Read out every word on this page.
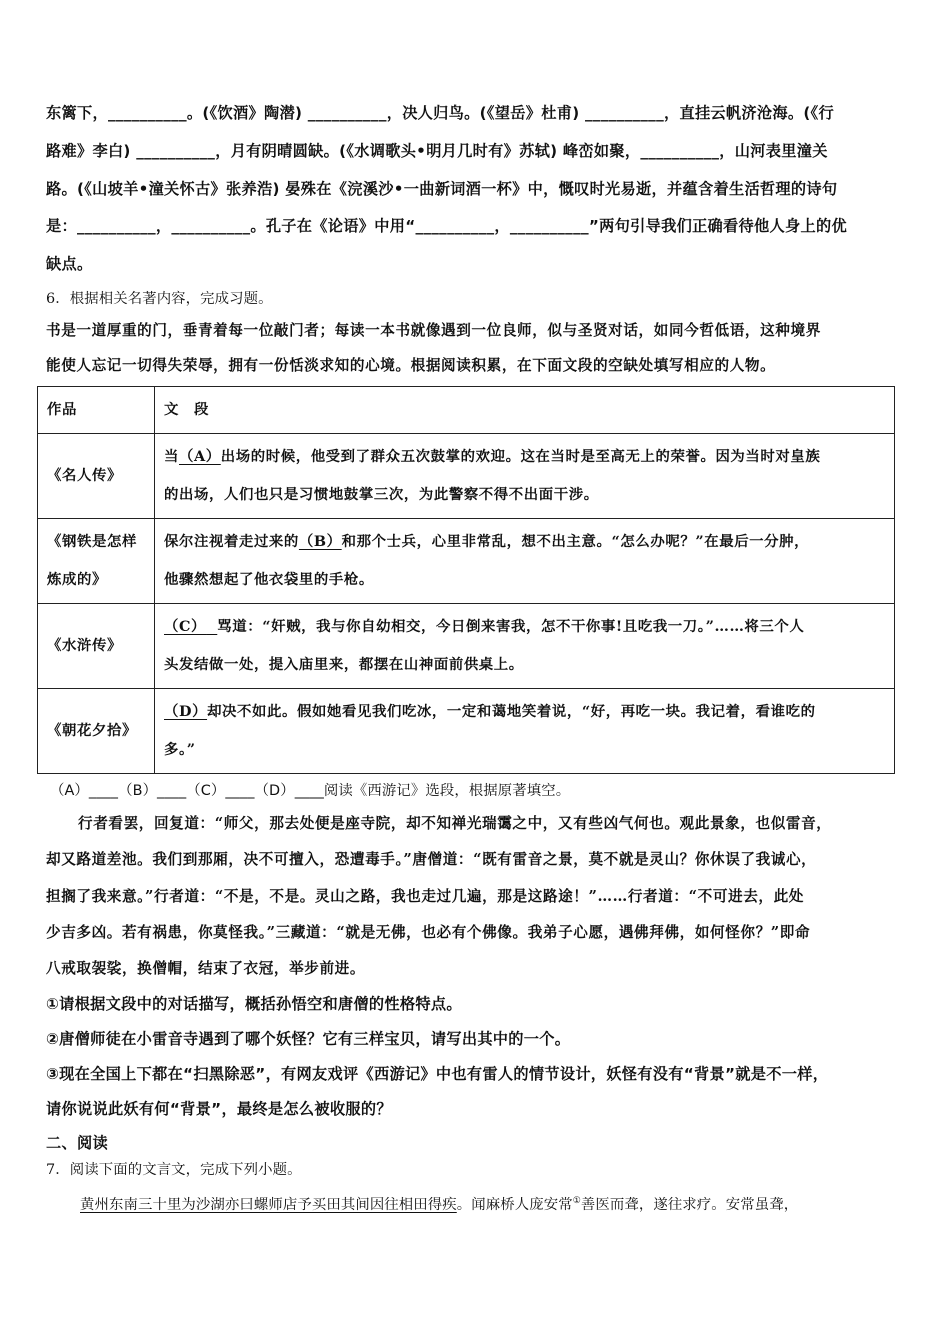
东篱下，__________。(《饮酒》陶潜) __________，决人归鸟。(《望岳》杜甫) __________，直挂云帆济沧海。(《行
路难》李白) __________，月有阴晴圆缺。(《水调歌头•明月几时有》苏轼) 峰峦如聚，__________，山河表里潼关
路。(《山坡羊•潼关怀古》张养浩) 晏殊在《浣溪沙•一曲新词酒一杯》中，慨叹时光易逝，并蕴含着生活哲理的诗句
是：__________，__________。孔子在《论语》中用“__________，__________”两句引导我们正确看待他人身上的优
缺点。
6．根据相关名著内容，完成习题。
书是一道厚重的门，垂青着每一位敲门者；每读一本书就像遇到一位良师，似与圣贤对话，如同今哲低语，这种境界
能使人忘记一切得失荣辱，拥有一份恬淡求知的心境。根据阅读积累，在下面文段的空缺处填写相应的人物。
作品	文　段
《名人传》	当（A）出场的时候，他受到了群众五次鼓掌的欢迎。这在当时是至高无上的荣誉。因为当时对皇族
的出场，人们也只是习惯地鼓掌三次，为此警察不得不出面干涉。
《钢铁是怎样
炼成的》	保尔注视着走过来的（B）和那个士兵，心里非常乱，想不出主意。“怎么办呢？”在最后一分肿，
他骤然想起了他衣袋里的手枪。
《水浒传》	（C） 骂道：“奸贼，我与你自幼相交，今日倒来害我，怎不干你事!且吃我一刀。”……将三个人
头发结做一处，提入庙里来，都摆在山神面前供桌上。
《朝花夕拾》	（D）却决不如此。假如她看见我们吃冰，一定和蔼地笑着说，“好，再吃一块。我记着，看谁吃的
多。”
（A）____（B）____（C）____（D）____阅读《西游记》选段，根据原著填空。
行者看罢，回复道：“师父，那去处便是座寺院，却不知禅光瑞霭之中，又有些凶气何也。观此景象，也似雷音，
却又路道差池。我们到那厢，决不可擅入，恐遭毒手。”唐僧道：“既有雷音之景，莫不就是灵山？你休误了我诚心，
担搁了我来意。”行者道：“不是，不是。灵山之路，我也走过几遍，那是这路途！”……行者道：“不可进去，此处
少吉多凶。若有祸患，你莫怪我。”三藏道：“就是无佛，也必有个佛像。我弟子心愿，遇佛拜佛，如何怪你？”即命
八戒取袈裟，换僧帽，结束了衣冠，举步前进。
①请根据文段中的对话描写，概括孙悟空和唐僧的性格特点。
②唐僧师徒在小雷音寺遇到了哪个妖怪？它有三样宝贝，请写出其中的一个。
③现在全国上下都在“扫黑除恶”，有网友戏评《西游记》中也有雷人的情节设计，妖怪有没有“背景”就是不一样，
请你说说此妖有何“背景”，最终是怎么被收服的？
二、阅读
7．阅读下面的文言文，完成下列小题。
黄州东南三十里为沙湖亦曰螺师店予买田其间因往相田得疾。闻麻桥人庞安常①善医而聋，遂往求疗。安常虽聋，
